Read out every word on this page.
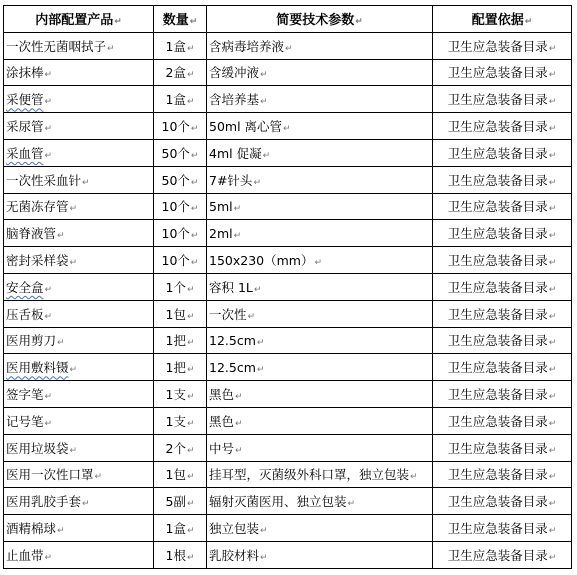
内部配置产品↵	数量↵	简要技术参数↵	配置依据↵
一次性无菌咽拭子↵	1盒↵	含病毒培养液↵	卫生应急装备目录↵
涂抹棒↵	2盒↵	含缓冲液↵	卫生应急装备目录↵
采便管↵	1盒↵	含培养基↵	卫生应急装备目录↵
采尿管↵	10个↵	50ml 离心管↵	卫生应急装备目录↵
采血管↵	50个↵	4ml 促凝↵	卫生应急装备目录↵
一次性采血针↵	50个↵	7#针头↵	卫生应急装备目录↵
无菌冻存管↵	10个↵	5ml↵	卫生应急装备目录↵
脑脊液管↵	10个↵	2ml↵	卫生应急装备目录↵
密封采样袋↵	10个↵	150x230（mm）↵	卫生应急装备目录↵
安全盒↵	1个↵	容积 1L↵	卫生应急装备目录↵
压舌板↵	1包↵	一次性↵	卫生应急装备目录↵
医用剪刀↵	1把↵	12.5cm↵	卫生应急装备目录↵
医用敷料镊↵	1把↵	12.5cm↵	卫生应急装备目录↵
签字笔↵	1支↵	黑色↵	卫生应急装备目录↵
记号笔↵	1支↵	黑色↵	卫生应急装备目录↵
医用垃圾袋↵	2个↵	中号↵	卫生应急装备目录↵
医用一次性口罩↵	1包↵	挂耳型，灭菌级外科口罩，独立包装↵	卫生应急装备目录↵
医用乳胶手套↵	5副↵	辐射灭菌医用、独立包装↵	卫生应急装备目录↵
酒精棉球↵	1盒↵	独立包装↵	卫生应急装备目录↵
止血带↵	1根↵	乳胶材料↵	卫生应急装备目录↵
